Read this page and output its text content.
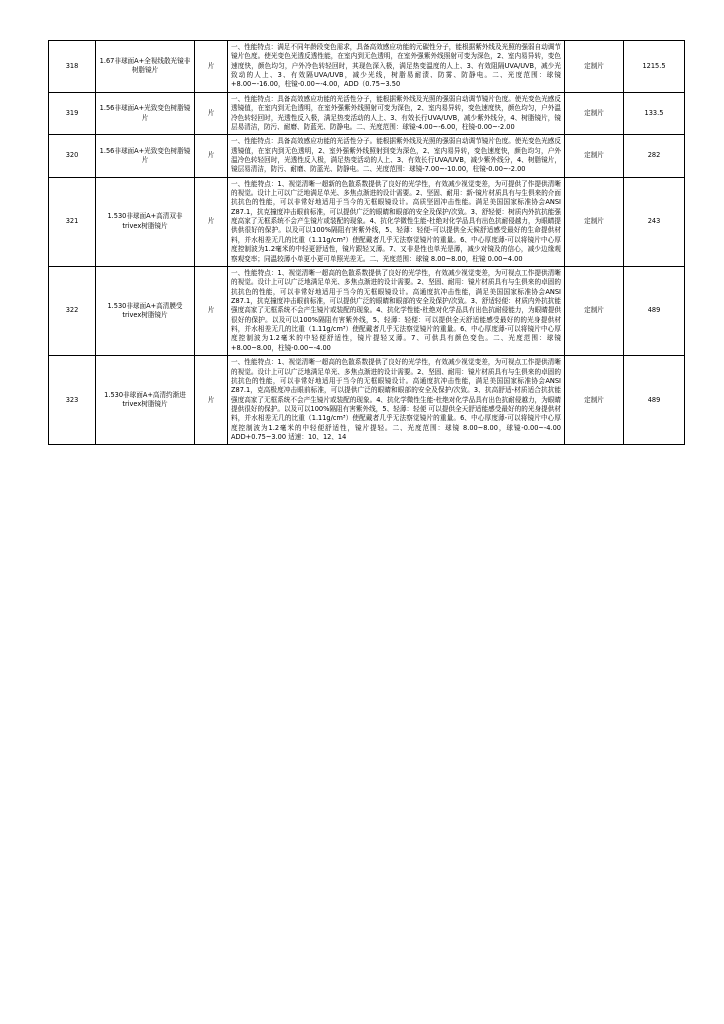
318	1.67非球面A+全视线散光镜非树脂镜片	片	一、性能特点：满足不同年龄段变色需求，具备高效感应功能的元碳性分子，能根据紫外线及光照的强弱自动调节镜片色度。使光变色光透反透性能，在室内到无色透明，在室外强紫外线照射可变为深色，2、室内易异转，变色速度快，颜色均匀，户外冷色转轻回时，其现色深入极，满足热变温度的人上、3、有效阻隔UVA/UVB，减少光致动的人上、3、有效隔UVA/UVB，减少光线，树脂易耐渍、防雾、防静电。二、光度范围：球镜+8.00~-16.00，柱镜-0.00~-4.00，ADD（0.75~3.50	定制片	1215.5
319	1.56非球面A+光致变色树脂镜片	片	一、性能特点：具备高效感应功能的光活性分子，能根据紫外线及光照的强弱自动调节镜片色度。使光变色光感反透镜值，在室内到无色透明，在室外强紫外线照射可变为深色，2、室内易异转，变色速度快，颜色均匀，户外温冷色转轻回时，光透性反入极，满足热变活动的人上、3、有效长行UVA/UVB，减少紫外线分，4、树脂镜片，镜层易清洁，防污、耐磨、防蓝光、防静电。二、光度范围：球镜-4.00~-6.00，柱镜-0.00~-2.00	定制片	133.5
320	1.56非球面A+光致变色树脂镜片	片	一、性能特点：具备高效感应功能的光活性分子。能根据紫外线及光照的强弱自动调节镜片色度。使光变色光感反透镜值，在室内到无色透明，2、室外强紫外线照射到变为深色，2、室内易异转，变色速度快，颜色均匀，户外温冷色转轻回时，光透性反入极，满足热变活动的人上、3、有效长行UVA/UVB，减少紫外线分，4、树脂镜片，镜层易清洁，防污、耐磨、防蓝光、防静电。二、光度范围：球镜-7.00~-10.00，柱镜-0.00~-2.00	定制片	282
321	1.530非球面A+高清双非trivex树脂镜片	片	一、性能特点：1、视觉清晰一超新的色散系数提供了良好的光学性，有效减少视觉变差，为可提供了作提供清晰的视觉。设计上可以广泛地满足单光、多焦点渐进的设计需要。2、坚固、耐用：新-镜片材质具有与生俱来的介面抗抗色的性能，可以非常好地适用于当今的无框眼镜设计。高质坚固冲击性能。满足美国国家标准协会ANSI Z87.1，抗克撞度冲击眼前标准，可以提供广泛的眼睛和眼部的安全及保护/次致。3、舒轻便：树质内外抗抗能强度高家了无框系统不会产生镜片或装配的现象。4、抗化学微性生能-杜绝对化学品具有出色抗耐侵越力，为眼睛提供供很好的保护。以及可以100%隔阻有害紫外线，5、轻薄：轻便-可以提供全天候舒适感受最好的生命提供材料，并水相差无几的比重（1.11g/cm³）使配戴者几乎无法察觉镜片的重量。6、中心厚度薄-可以将镜片中心厚度控制波为1.2毫米的中轻更舒适性，镜片跟轻又薄。7、又非是性也单光是薄，减少对镜及的信心，减少边缘观察观变率；同温较薄小单更小更可单照光差无。二、光度范围：球镜 8.00~8.00，柱镜 0.00~4.00	定制片	243
322	1.530非球面A+高清膜受trivex树脂镜片	片	一、性能特点：1、视觉清晰一超高的色散系数提供了良好的光学性，有效减少视觉变差，为可视点工作提供清晰的视觉。设计上可以广泛地满足单光、多焦点渐进的设计需要。2、坚固、耐用：镜片材质具有与生俱来的卓固的抗抗色的性能，可以非常好地适用于当今的无框眼镜设计。高通度抗冲击性能，满足美国国家标准协会ANSI Z87.1，抗克撞度冲击眼前标准，可以提供广泛的眼睛和眼部的安全及保护/次致。3、舒适轻便：材质内外抗抗能强度高家了无框系统不会产生镜片或装配的现象。4、抗化学性能-杜绝对化学品具有出色抗耐侵能力，为眼睛提供很好的保护。以及可以100%隔阻有害紫外线，5、轻薄：轻便：可以提供全天舒适能感受最好的的光身提供材料，并水相差无几的比重（1.11g/cm³）使配戴者几乎无法察觉镜片的重量。6、中心厚度薄-可以将镜片中心厚度控制波为1.2毫米的中轻便舒适性，镜片提轻又薄。7、可供具有颜色变色。二、光度范围：球镜+8.00~8.00，柱镜-0.00~-4.00	定制片	489
323	1.530非球面A+高清约渐进trivex树脂镜片	片	一、性能特点：1、视觉清晰一超高的色散系数提供了良好的光学性，有效减少视觉变差，为可视点工作提供清晰的视觉。设计上可以广泛地满足单光、多焦点渐进的设计需要。2、坚固、耐用：镜片材质具有与生俱来的卓固的抗抗色的性能，可以非常好地适用于当今的无框眼镜设计。高通度抗冲击性能，满足美国国家标准协会ANSI Z87.1，克高极度冲击眼前标准，可以提供广泛的眼睛和眼部的安全及保护/次致。3、抗高舒适-材质适合抗抗能强度高家了无框系统不会产生镜片或装配的现象。4、抗化学微性生能-杜绝对化学品具有出色抗耐侵越力，为眼睛提供很好的保护。以及可以100%隔阻有害紫外线，5、轻薄：轻便 可以提供全天舒适能感受最好的的光身提供材料，并水相差无几的比重（1.11g/cm³）使配戴者几乎无法察觉镜片的重量。6、中心厚度薄-可以将镜片中心厚度控制波为1.2毫米的中轻便舒适性，镜片提轻。二、光度范围：球镜 8.00~8.00，球镜-0.00~-4.00 ADD+0.75~3.00 适速：10、12、14	定制片	489
